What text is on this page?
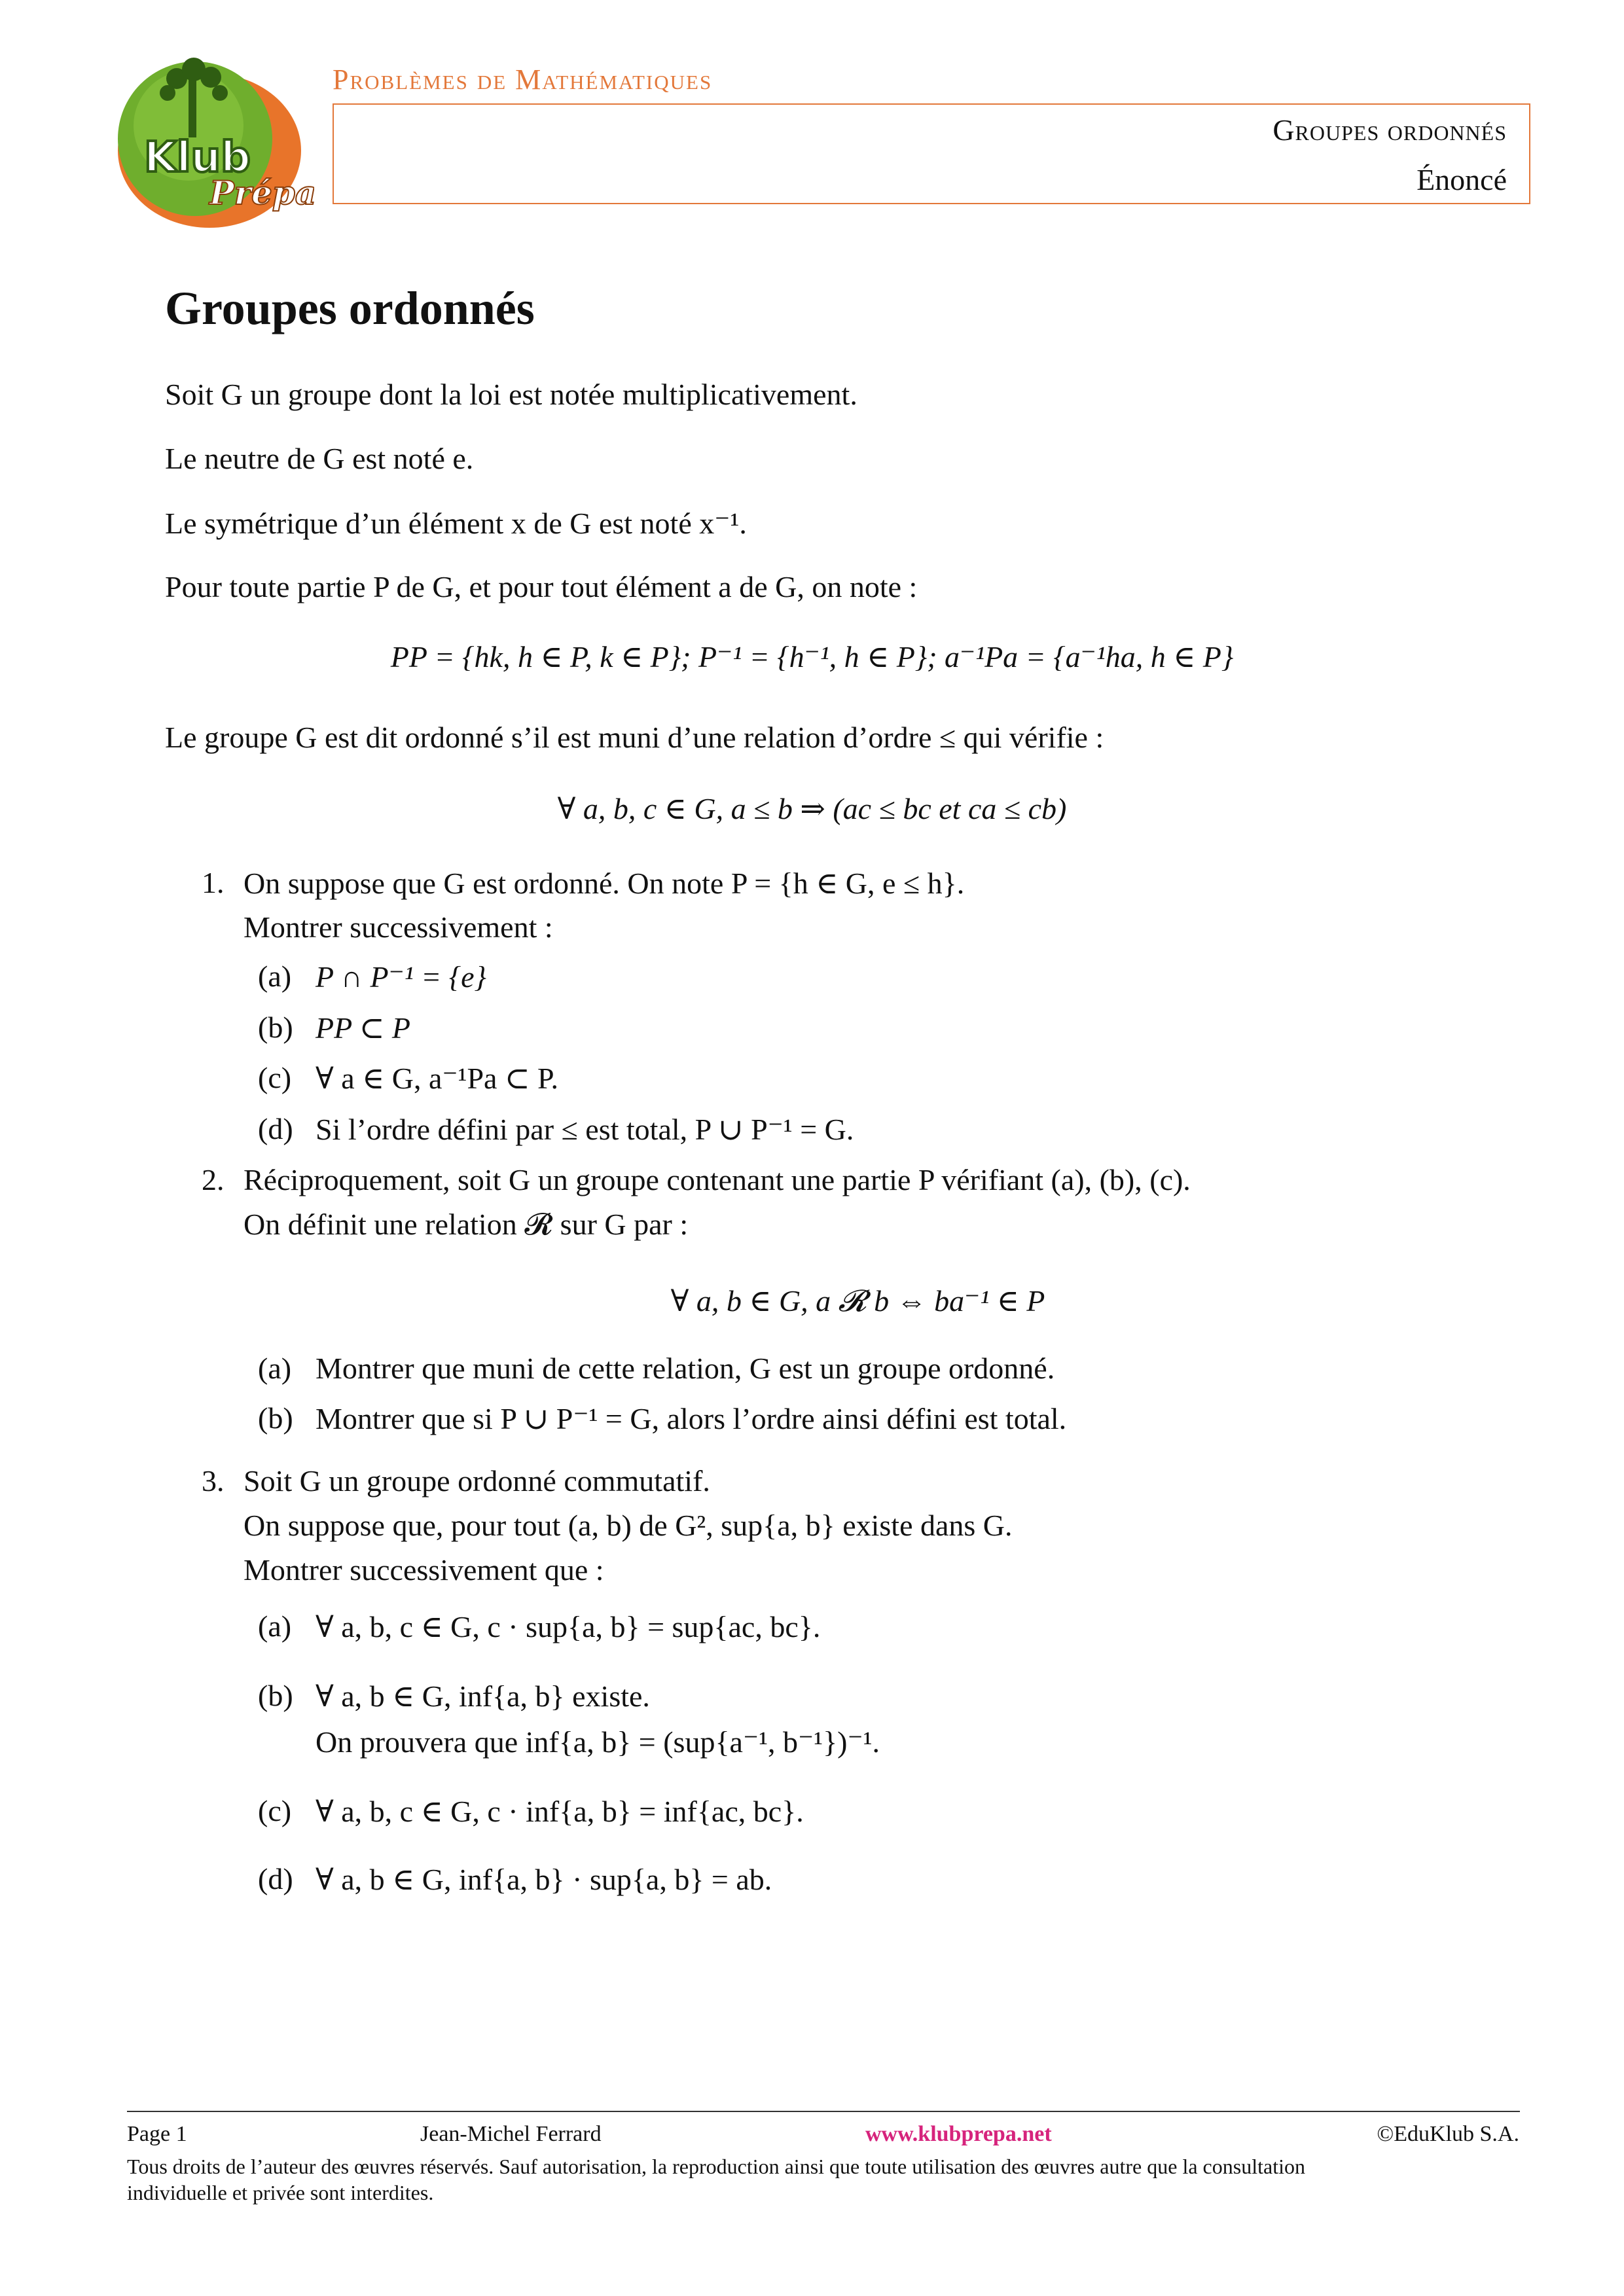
Klub
Prépa
Problèmes de Mathématiques
Groupes ordonnés
Énoncé
Groupes ordonnés
Soit G un groupe dont la loi est notée multiplicativement.
Le neutre de G est noté e.
Le symétrique d’un élément x de G est noté x⁻¹.
Pour toute partie P de G, et pour tout élément a de G, on note :
PP = {hk, h ∈ P, k ∈ P}; P⁻¹ = {h⁻¹, h ∈ P}; a⁻¹Pa = {a⁻¹ha, h ∈ P}
Le groupe G est dit ordonné s’il est muni d’une relation d’ordre ≤ qui vérifie :
∀ a, b, c ∈ G, a ≤ b ⇒ (ac ≤ bc et ca ≤ cb)
1. On suppose que G est ordonné. On note P = {h ∈ G, e ≤ h}.
Montrer successivement :
(a) P ∩ P⁻¹ = {e}
(b) PP ⊂ P
(c) ∀ a ∈ G, a⁻¹Pa ⊂ P.
(d) Si l’ordre défini par ≤ est total, P ∪ P⁻¹ = G.
2. Réciproquement, soit G un groupe contenant une partie P vérifiant (a), (b), (c).
On définit une relation 𝓡 sur G par :
∀ a, b ∈ G, a 𝓡 b ⇔ ba⁻¹ ∈ P
(a) Montrer que muni de cette relation, G est un groupe ordonné.
(b) Montrer que si P ∪ P⁻¹ = G, alors l’ordre ainsi défini est total.
3. Soit G un groupe ordonné commutatif.
On suppose que, pour tout (a, b) de G², sup{a, b} existe dans G.
Montrer successivement que :
(a) ∀ a, b, c ∈ G, c · sup{a, b} = sup{ac, bc}.
(b) ∀ a, b ∈ G, inf{a, b} existe.
On prouvera que inf{a, b} = (sup{a⁻¹, b⁻¹})⁻¹.
(c) ∀ a, b, c ∈ G, c · inf{a, b} = inf{ac, bc}.
(d) ∀ a, b ∈ G, inf{a, b} · sup{a, b} = ab.
Page 1	Jean-Michel Ferrard	www.klubprepa.net	©EduKlub S.A.
Tous droits de l’auteur des œuvres réservés. Sauf autorisation, la reproduction ainsi que toute utilisation des œuvres autre que la consultation
individuelle et privée sont interdites.
